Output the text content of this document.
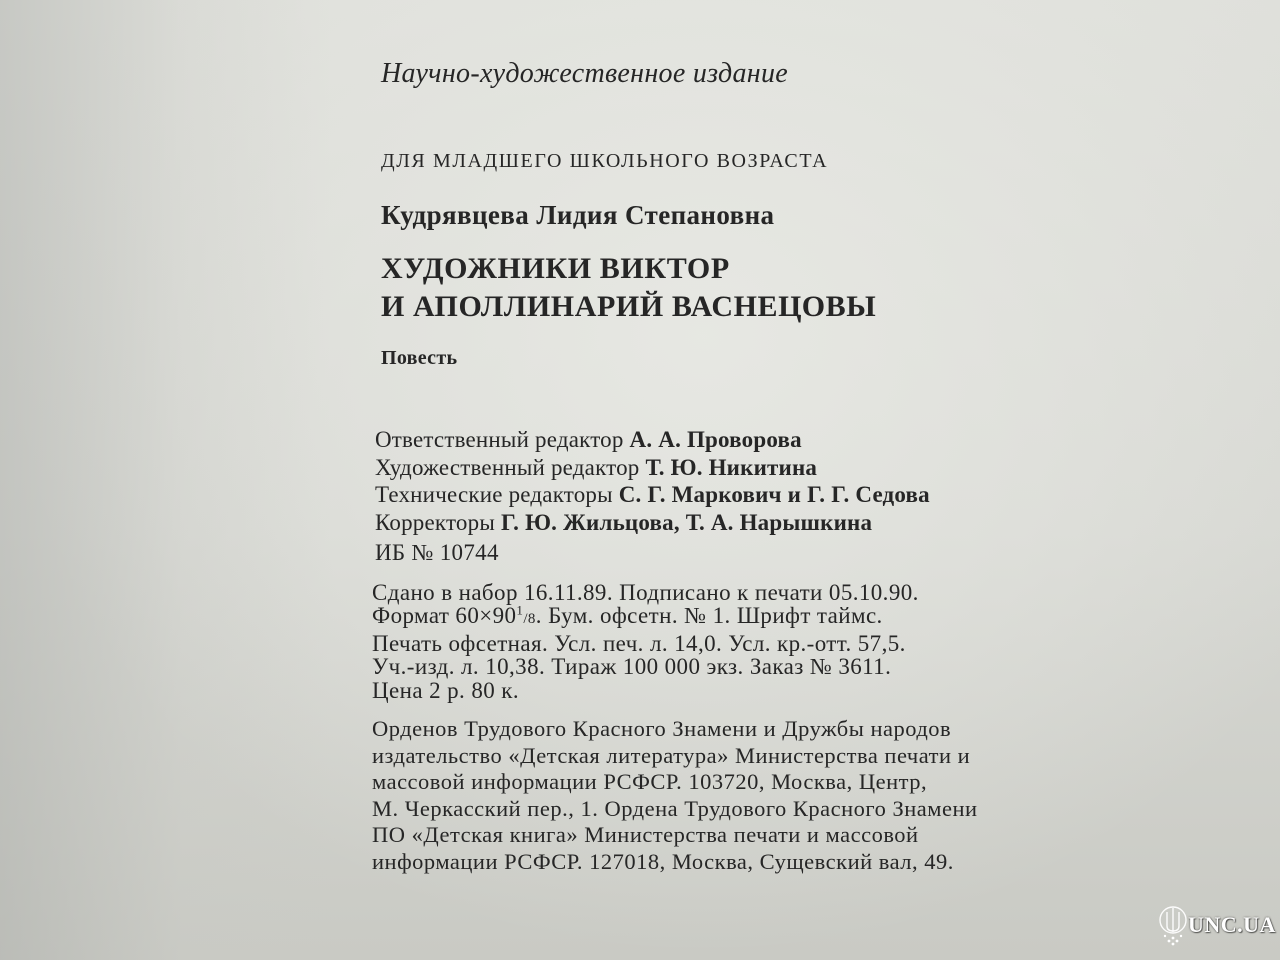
Научно-художественное издание
ДЛЯ МЛАДШЕГО ШКОЛЬНОГО ВОЗРАСТА
Кудрявцева Лидия Степановна
ХУДОЖНИКИ ВИКТОР
И АПОЛЛИНАРИЙ ВАСНЕЦОВЫ
Повесть
Ответственный редактор А. А. Проворова
Художественный редактор Т. Ю. Никитина
Технические редакторы С. Г. Маркович и Г. Г. Седова
Корректоры Г. Ю. Жильцова, Т. А. Нарышкина
ИБ № 10744
Сдано в набор 16.11.89. Подписано к печати 05.10.90.
Формат $60\times 90^1/8$. Бум. офсетн. № 1. Шрифт таймс.
Печать офсетная. Усл. печ. л. 14,0. Усл. кр.-отт. 57,5.
Уч.-изд. л. 10,38. Тираж 100 000 экз. Заказ № 3611.
Цена 2 р. 80 к.
Орденов Трудового Красного Знамени и Дружбы народов
издательство «Детская литература» Министерства печати и
массовой информации РСФСР. 103720, Москва, Центр,
М. Черкасский пер., 1. Ордена Трудового Красного Знамени
ПО «Детская книга» Министерства печати и массовой
информации РСФСР. 127018, Москва, Сущевский вал, 49.
UNC.UA
